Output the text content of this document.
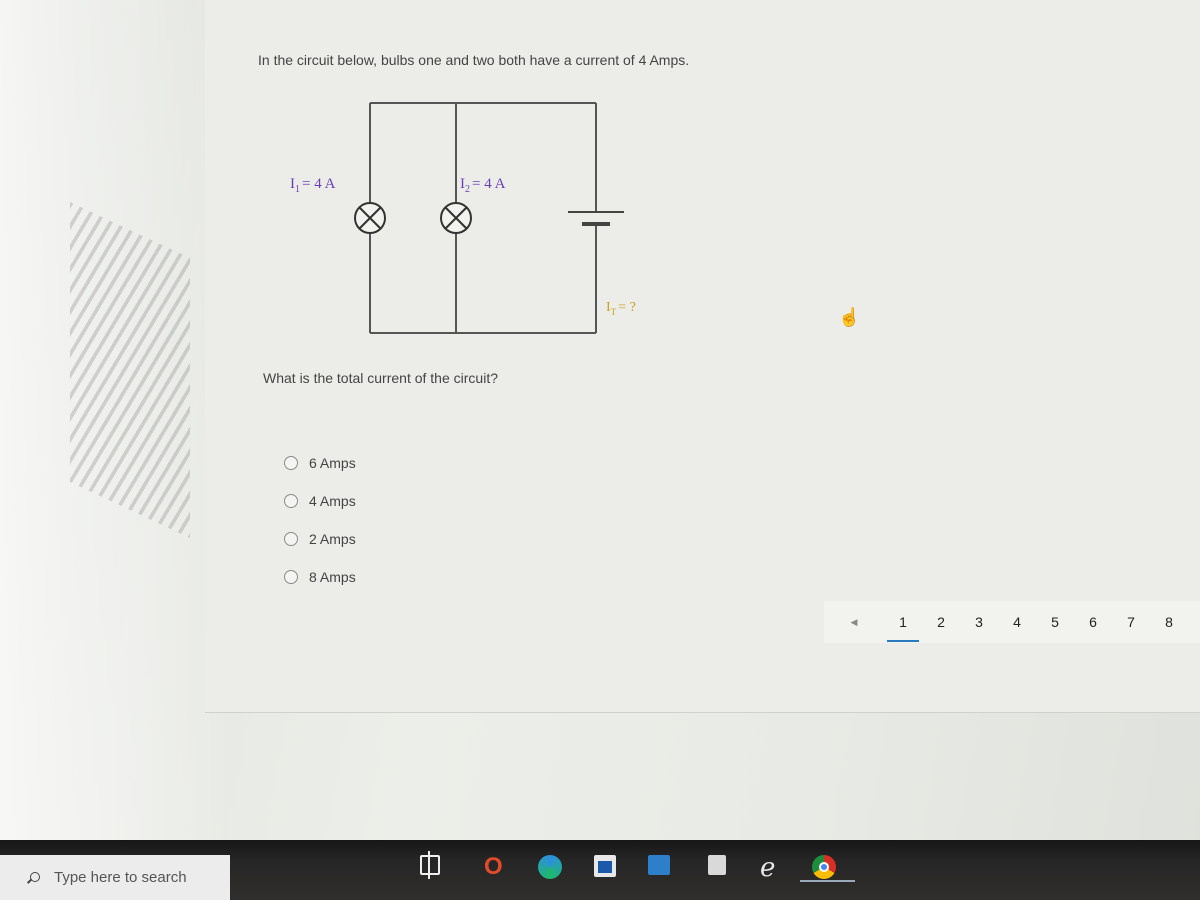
In the circuit below, bulbs one and two both have a current of 4 Amps.
$I_1 = 4$ A	$I_2 = 4$ A
$I_T$ = ?
What is the total current of the circuit?
6 Amps
4 Amps
2 Amps
8 Amps
☝
◀	1	2	3	4	5	6	7	8
Type here to search	O	e
